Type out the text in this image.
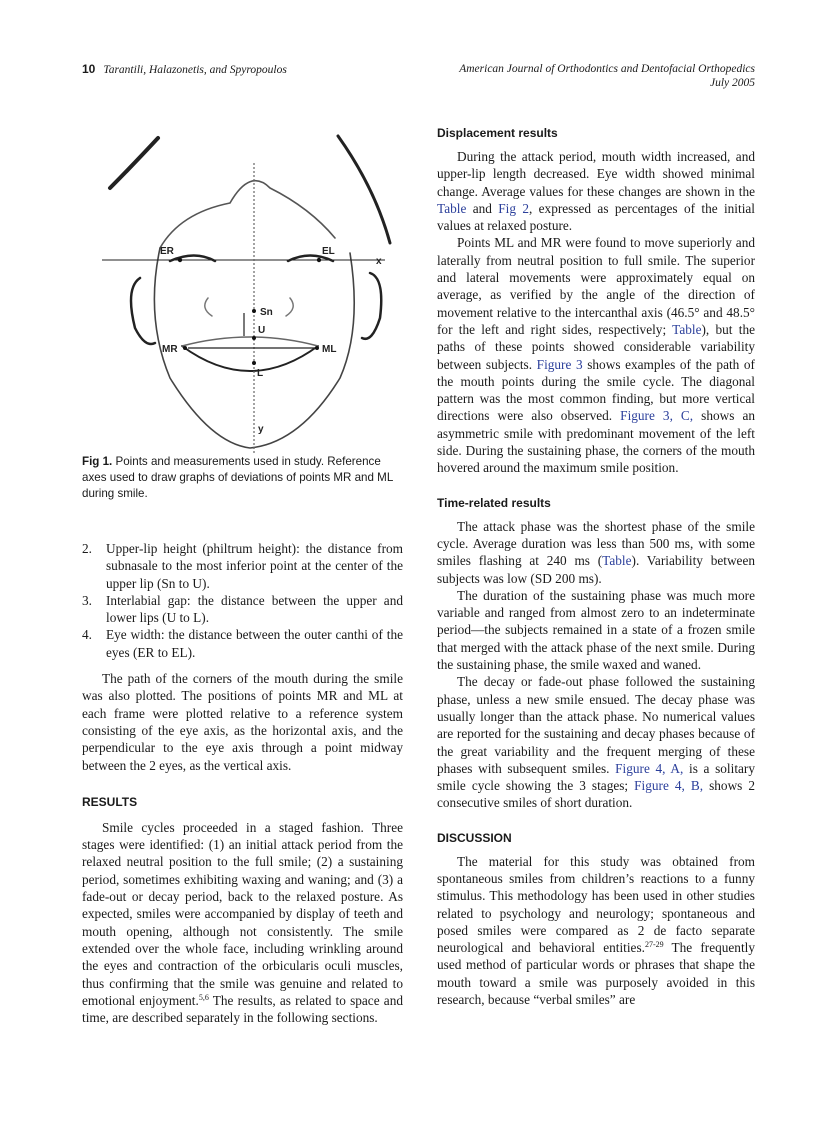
10 Tarantili, Halazonetis, and Spyropoulos	American Journal of Orthodontics and Dentofacial Orthopedics
July 2005
ER	EL
x
Sn
U
MR	ML
L
y
Fig 1. Points and measurements used in study. Reference axes used to draw graphs of deviations of points MR and ML during smile.
2. Upper-lip height (philtrum height): the distance from subnasale to the most inferior point at the center of the upper lip (Sn to U).
3. Interlabial gap: the distance between the upper and lower lips (U to L).
4. Eye width: the distance between the outer canthi of the eyes (ER to EL).

The path of the corners of the mouth during the smile was also plotted. The positions of points MR and ML at each frame were plotted relative to a reference system consisting of the eye axis, as the horizontal axis, and the perpendicular to the eye axis through a point midway between the 2 eyes, as the vertical axis.

RESULTS

Smile cycles proceeded in a staged fashion. Three stages were identified: (1) an initial attack period from the relaxed neutral position to the full smile; (2) a sustaining period, sometimes exhibiting waxing and waning; and (3) a fade-out or decay period, back to the relaxed posture. As expected, smiles were accompanied by display of teeth and mouth opening, although not consistently. The smile extended over the whole face, including wrinkling around the eyes and contraction of the orbicularis oculi muscles, thus confirming that the smile was genuine and related to emotional enjoyment.$^{5,6}$ The results, as related to space and time, are described separately in the following sections.

Displacement results

During the attack period, mouth width increased, and upper-lip length decreased. Eye width showed minimal change. Average values for these changes are shown in the Table and Fig 2, expressed as percentages of the initial values at relaxed posture.

Points ML and MR were found to move superiorly and laterally from neutral position to full smile. The superior and lateral movements were approximately equal on average, as verified by the angle of the direction of movement relative to the intercanthal axis (46.5° and 48.5° for the left and right sides, respectively; Table), but the paths of these points showed considerable variability between subjects. Figure 3 shows examples of the path of the mouth points during the smile cycle. The diagonal pattern was the most common finding, but more vertical directions were also observed. Figure 3, C, shows an asymmetric smile with predominant movement of the left side. During the sustaining phase, the corners of the mouth hovered around the maximum smile position.

Time-related results

The attack phase was the shortest phase of the smile cycle. Average duration was less than 500 ms, with some smiles flashing at 240 ms (Table). Variability between subjects was low (SD 200 ms).

The duration of the sustaining phase was much more variable and ranged from almost zero to an indeterminate period—the subjects remained in a state of a frozen smile that merged with the attack phase of the next smile. During the sustaining phase, the smile waxed and waned.

The decay or fade-out phase followed the sustaining phase, unless a new smile ensued. The decay phase was usually longer than the attack phase. No numerical values are reported for the sustaining and decay phases because of the great variability and the frequent merging of these phases with subsequent smiles. Figure 4, A, is a solitary smile cycle showing the 3 stages; Figure 4, B, shows 2 consecutive smiles of short duration.

DISCUSSION

The material for this study was obtained from spontaneous smiles from children’s reactions to a funny stimulus. This methodology has been used in other studies related to psychology and neurology; spontaneous and posed smiles were compared as 2 de facto separate neurological and behavioral entities.$^{27-29}$ The frequently used method of particular words or phrases that shape the mouth toward a smile was purposely avoided in this research, because “verbal smiles” are
